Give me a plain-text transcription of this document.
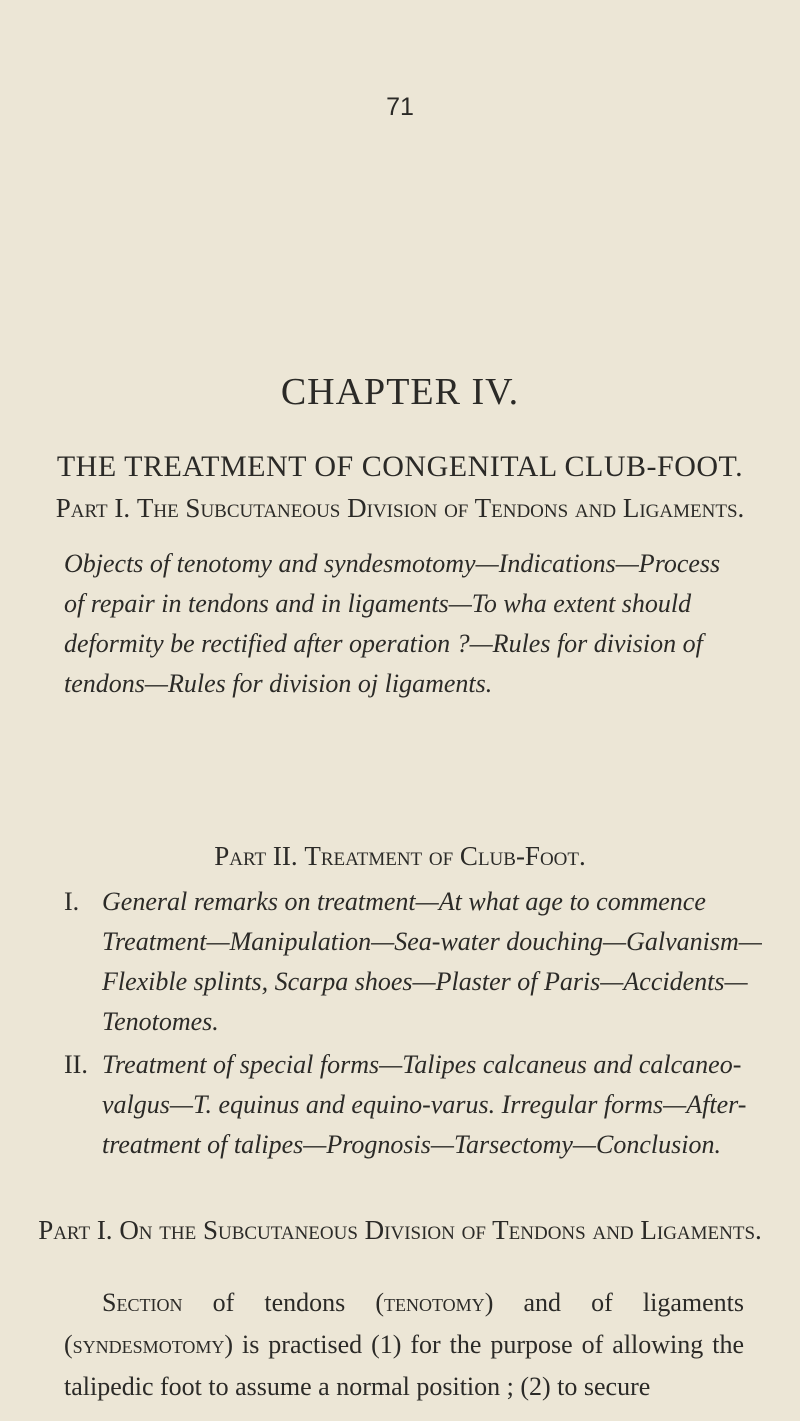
71
CHAPTER IV.
THE TREATMENT OF CONGENITAL CLUB-FOOT.
Part I. The Subcutaneous Division of Tendons and Ligaments.

Objects of tenotomy and syndesmotomy—Indications—Process of repair in tendons and in ligaments—To wha extent should deformity be rectified after operation ?—Rules for division of tendons—Rules for division oj ligaments.

Part II. Treatment of Club-Foot.

I. General remarks on treatment—At what age to commence Treatment—Manipulation—Sea-water douching—Galvanism—Flexible splints, Scarpa shoes—Plaster of Paris—Accidents—Tenotomes.

II. Treatment of special forms—Talipes calcaneus and calcaneo-valgus—T. equinus and equino-varus. Irregular forms—After-treatment of talipes—Prognosis—Tarsectomy—Conclusion.

Part I. On the Subcutaneous Division of Tendons and Ligaments.

Section of tendons (tenotomy) and of ligaments (syndesmotomy) is practised (1) for the purpose of allowing the talipedic foot to assume a normal position ; (2) to secure
